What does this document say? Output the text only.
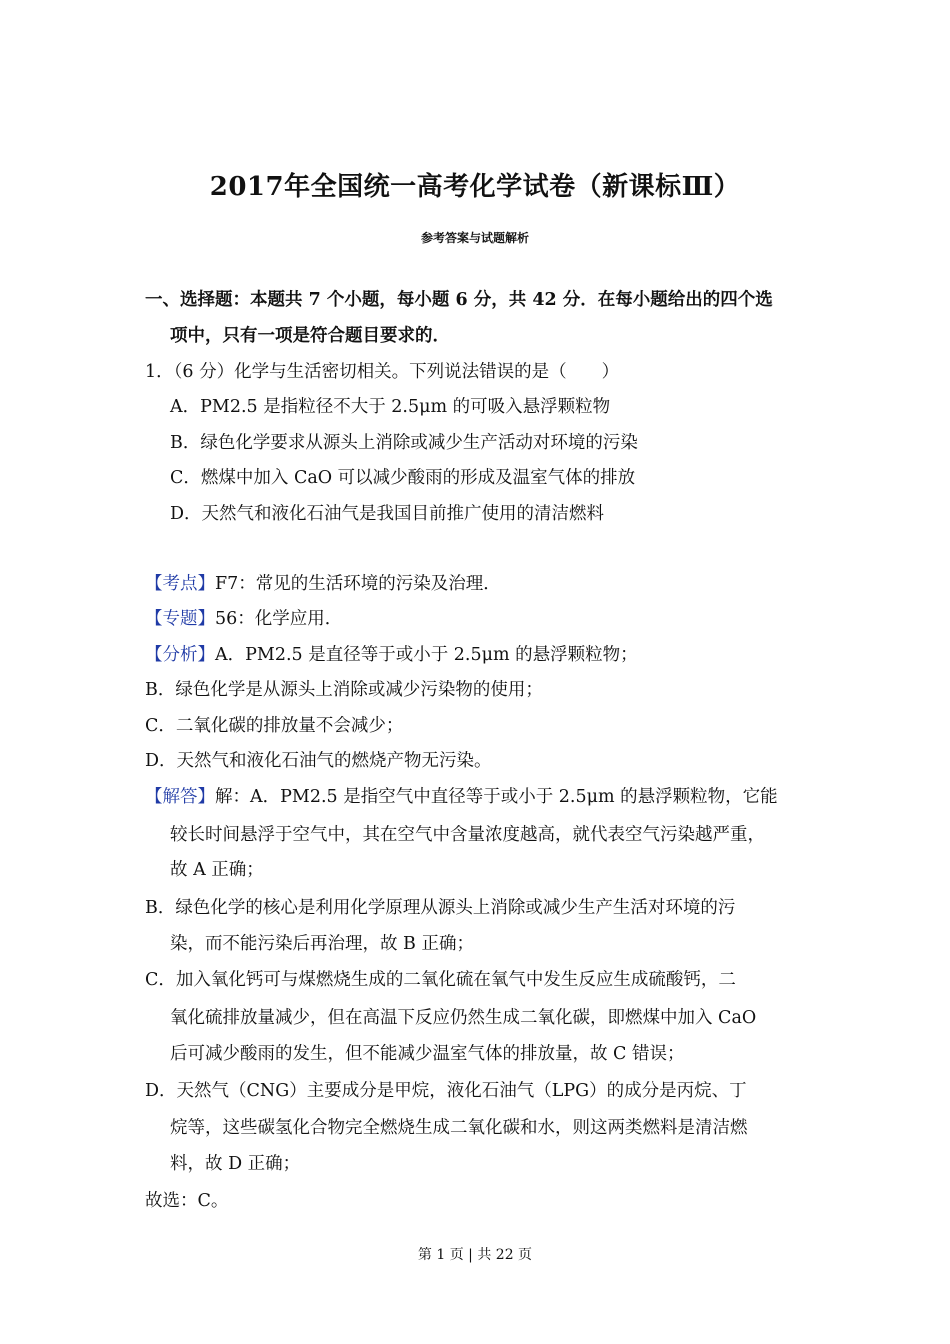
2017年全国统一高考化学试卷（新课标Ⅲ）
参考答案与试题解析
一、选择题：本题共 7 个小题，每小题 6 分，共 42 分．在每小题给出的四个选
项中，只有一项是符合题目要求的．
1．（6 分）化学与生活密切相关。下列说法错误的是（　　）
A．PM2.5 是指粒径不大于 2.5μm 的可吸入悬浮颗粒物
B．绿色化学要求从源头上消除或减少生产活动对环境的污染
C．燃煤中加入 CaO 可以减少酸雨的形成及温室气体的排放
D．天然气和液化石油气是我国目前推广使用的清洁燃料
【考点】F7：常见的生活环境的污染及治理．
【专题】56：化学应用．
【分析】A．PM2.5 是直径等于或小于 2.5μm 的悬浮颗粒物；
B．绿色化学是从源头上消除或减少污染物的使用；
C．二氧化碳的排放量不会减少；
D．天然气和液化石油气的燃烧产物无污染。
【解答】解：A．PM2.5 是指空气中直径等于或小于 2.5μm 的悬浮颗粒物，它能
较长时间悬浮于空气中，其在空气中含量浓度越高，就代表空气污染越严重，
故 A 正确；
B．绿色化学的核心是利用化学原理从源头上消除或减少生产生活对环境的污
染，而不能污染后再治理，故 B 正确；
C．加入氧化钙可与煤燃烧生成的二氧化硫在氧气中发生反应生成硫酸钙，二
氧化硫排放量减少，但在高温下反应仍然生成二氧化碳，即燃煤中加入 CaO
后可减少酸雨的发生，但不能减少温室气体的排放量，故 C 错误；
D．天然气（CNG）主要成分是甲烷，液化石油气（LPG）的成分是丙烷、丁
烷等，这些碳氢化合物完全燃烧生成二氧化碳和水，则这两类燃料是清洁燃
料，故 D 正确；
故选：C。
第 1 页 | 共 22 页
